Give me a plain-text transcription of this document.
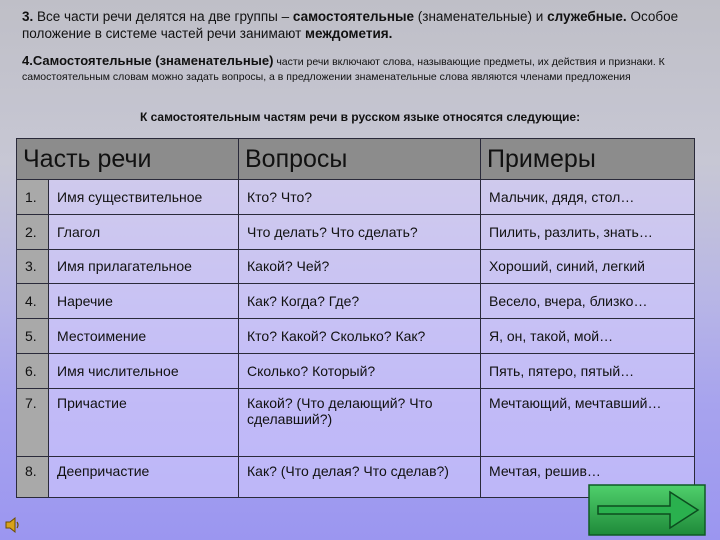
3. Все части речи делятся на две группы – самостоятельные (знаменательные) и служебные. Особое положение в системе частей речи занимают междометия.
4.Самостоятельные (знаменательные) части речи включают слова, называющие предметы, их действия и признаки. К самостоятельным словам можно задать вопросы, а в предложении знаменательные слова являются членами предложения
К самостоятельным частям речи в русском языке относятся следующие:
Часть речи		Вопросы	Примеры
1.	Имя существительное	Кто? Что?	Мальчик, дядя, стол…
2.	Глагол	Что делать? Что сделать?	Пилить, разлить, знать…
3.	Имя прилагательное	Какой? Чей?	Хороший, синий, легкий
4.	Наречие	Как? Когда? Где?	Весело, вчера, близко…
5.	Местоимение	Кто? Какой? Сколько? Как?	Я, он, такой, мой…
6.	Имя числительное	Сколько? Который?	Пять, пятеро, пятый…
7.	Причастие	Какой? (Что делающий? Что сделавший?)	Мечтающий, мечтавший…
8.	Деепричастие	Как? (Что делая? Что сделав?)	Мечтая, решив…
